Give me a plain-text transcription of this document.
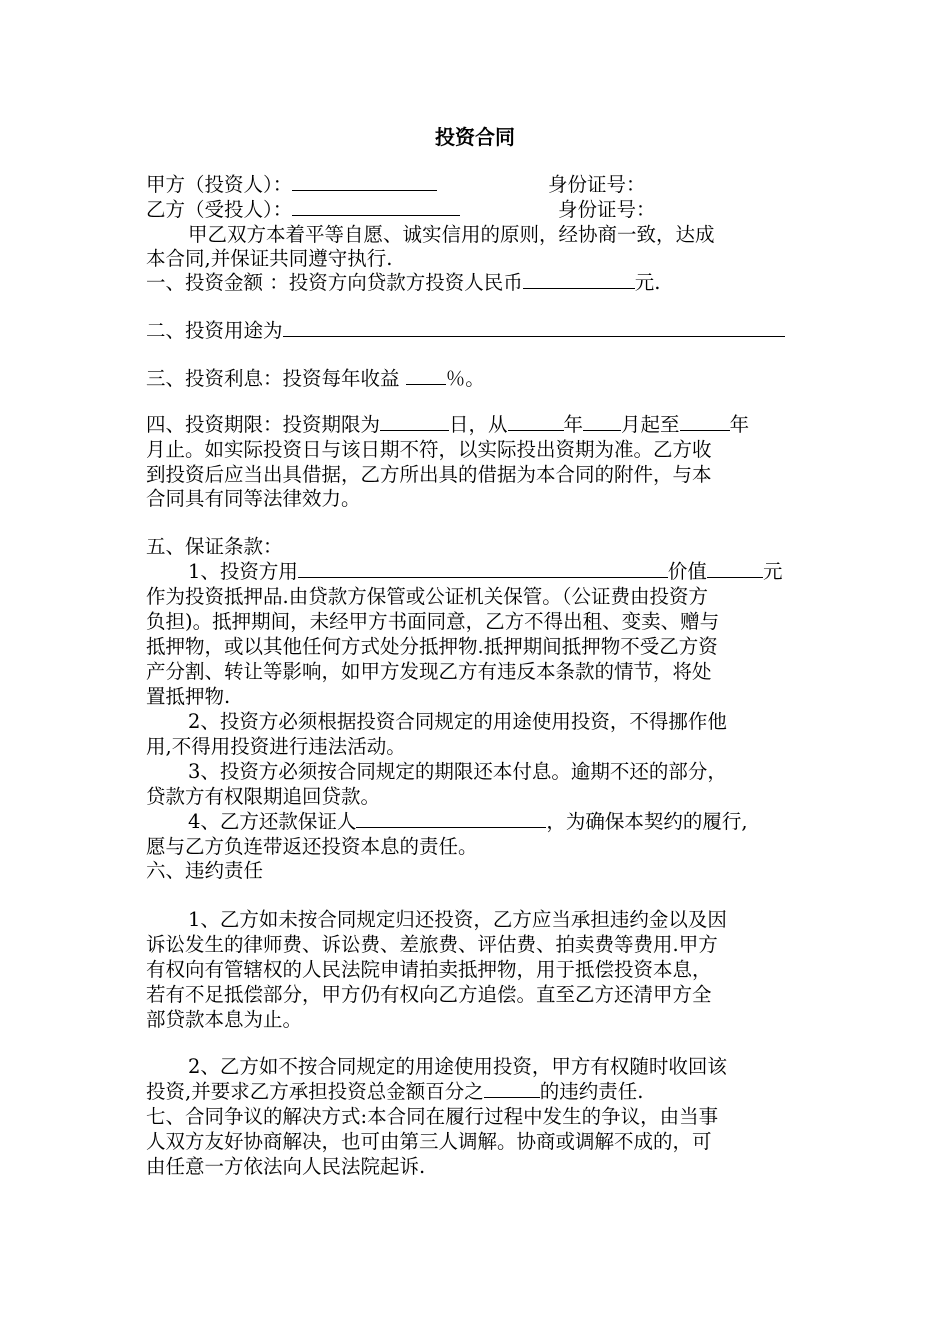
投资合同
甲方（投资人）：	身份证号：
乙方（受投人）：	身份证号：
甲乙双方本着平等自愿、诚实信用的原则，经协商一致，达成
本合同,并保证共同遵守执行.
一、投资金额 ：投资方向贷款方投资人民币	元.
二、投资用途为
三、投资利息：投资每年收益 ％。
四、投资期限：投资期限为	日，从	年 月起至	年
月止。如实际投资日与该日期不符，以实际投出资期为准。乙方收
到投资后应当出具借据，乙方所出具的借据为本合同的附件，与本
合同具有同等法律效力。
五、保证条款：
1、投资方用	价值	元
作为投资抵押品.由贷款方保管或公证机关保管。（公证费由投资方
负担)。抵押期间，未经甲方书面同意，乙方不得出租、变卖、赠与
抵押物，或以其他任何方式处分抵押物.抵押期间抵押物不受乙方资
产分割、转让等影响，如甲方发现乙方有违反本条款的情节，将处
置抵押物.
2、投资方必须根据投资合同规定的用途使用投资，不得挪作他
用,不得用投资进行违法活动。
3、投资方必须按合同规定的期限还本付息。逾期不还的部分，
贷款方有权限期追回贷款。
4、乙方还款保证人	，为确保本契约的履行,
愿与乙方负连带返还投资本息的责任。
六、违约责任
1、乙方如未按合同规定归还投资，乙方应当承担违约金以及因
诉讼发生的律师费、诉讼费、差旅费、评估费、拍卖费等费用.甲方
有权向有管辖权的人民法院申请拍卖抵押物，用于抵偿投资本息，
若有不足抵偿部分，甲方仍有权向乙方追偿。直至乙方还清甲方全
部贷款本息为止。
2、乙方如不按合同规定的用途使用投资，甲方有权随时收回该
投资,并要求乙方承担投资总金额百分之	的违约责任.
七、合同争议的解决方式:本合同在履行过程中发生的争议，由当事
人双方友好协商解决，也可由第三人调解。协商或调解不成的，可
由任意一方依法向人民法院起诉.
